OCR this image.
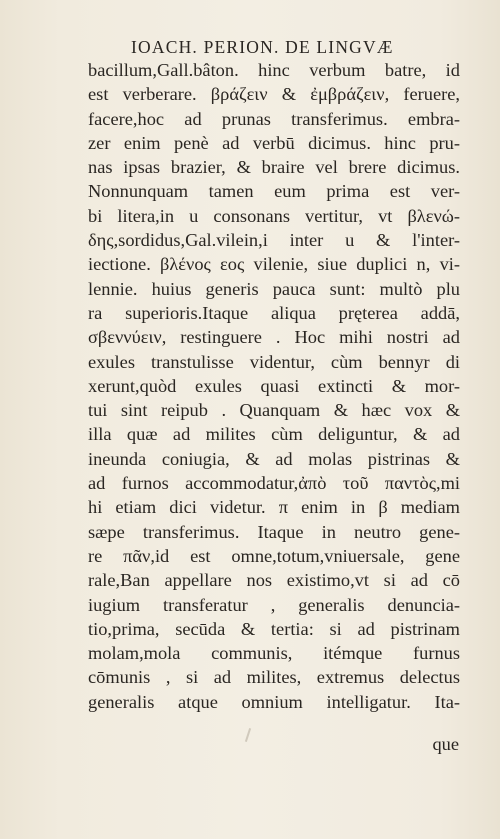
IOACH. PERION. DE LINGVÆ
bacillum,Gall.bâton. hinc verbum batre, id
est verberare. βράζειν & ἐμβράζειν, feruere,
facere,hoc ad prunas transferimus. embra-
zer enim penè ad verbū dicimus. hinc pru-
nas ipsas brazier, & braire vel brere dicimus.
Nonnunquam tamen eum prima est ver-
bi litera,in u consonans vertitur, vt βλενώ-
δης,sordidus,Gal.vilein,i inter u & l'inter-
iectione. βλένος εος vilenie, siue duplici n, vi-
lennie. huius generis pauca sunt: multò plu
ra superioris.Itaque aliqua pręterea addā,
σβεννύειν, restinguere . Hoc mihi nostri ad
exules transtulisse videntur, cùm bennyr di
xerunt,quòd exules quasi extincti & mor-
tui sint reipub . Quanquam & hæc vox &
illa quæ ad milites cùm deliguntur, & ad
ineunda coniugia, & ad molas pistrinas &
ad furnos accommodatur,ἀπὸ τοῦ παντὸς,mi
hi etiam dici videtur. π enim in β mediam
sæpe transferimus. Itaque in neutro gene-
re πᾶν,id est omne,totum,vniuersale, gene
rale,Ban appellare nos existimo,vt si ad cō
iugium transferatur , generalis denuncia-
tio,prima, secūda & tertia: si ad pistrinam
molam,mola communis, itémque furnus
cōmunis , si ad milites, extremus delectus
generalis atque omnium intelligatur. Ita-
que
